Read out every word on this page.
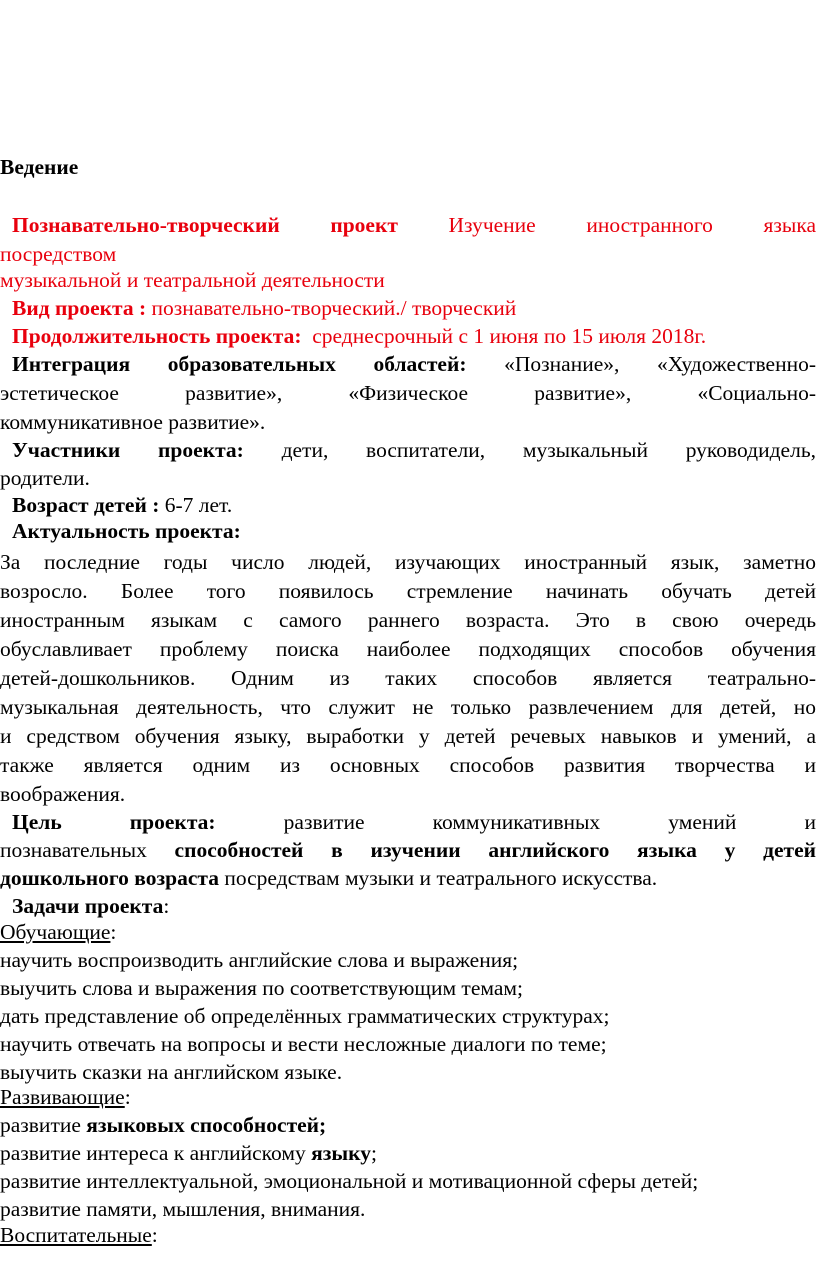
Ведение
Познавательно-творческий проект Изучение иностранного языка
посредством
музыкальной и театральной деятельности
Вид проекта : познавательно-творческий./ творческий
Продолжительность проекта: среднесрочный с 1 июня по 15 июля 2018г.
Интеграция образовательных областей: «Познание», «Художественно-
эстетическое развитие», «Физическое развитие», «Социально-
коммуникативное развитие».
Участники проекта: дети, воспитатели, музыкальный руководидель,
родители.
Возраст детей : 6-7 лет.
Актуальность проекта:
За последние годы число людей, изучающих иностранный язык, заметно
возросло. Более того появилось стремление начинать обучать детей
иностранным языкам с самого раннего возраста. Это в свою очередь
обуславливает проблему поиска наиболее подходящих способов обучения
детей-дошкольников. Одним из таких способов является театрально-
музыкальная деятельность, что служит не только развлечением для детей, но
и средством обучения языку, выработки у детей речевых навыков и умений, а
также является одним из основных способов развития творчества и
воображения.
Цель проекта:	развитие коммуникативных умений и
познавательных способностей в изучении английского языка у детей
дошкольного возраста посредствам музыки и театрального искусства.
Задачи проекта:
Обучающие:
научить воспроизводить английские слова и выражения;
выучить слова и выражения по соответствующим темам;
дать представление об определённых грамматических структурах;
научить отвечать на вопросы и вести несложные диалоги по теме;
выучить сказки на английском языке.
Развивающие:
развитие языковых способностей;
развитие интереса к английскому языку;
развитие интеллектуальной, эмоциональной и мотивационной сферы детей;
развитие памяти, мышления, внимания.
Воспитательные:
